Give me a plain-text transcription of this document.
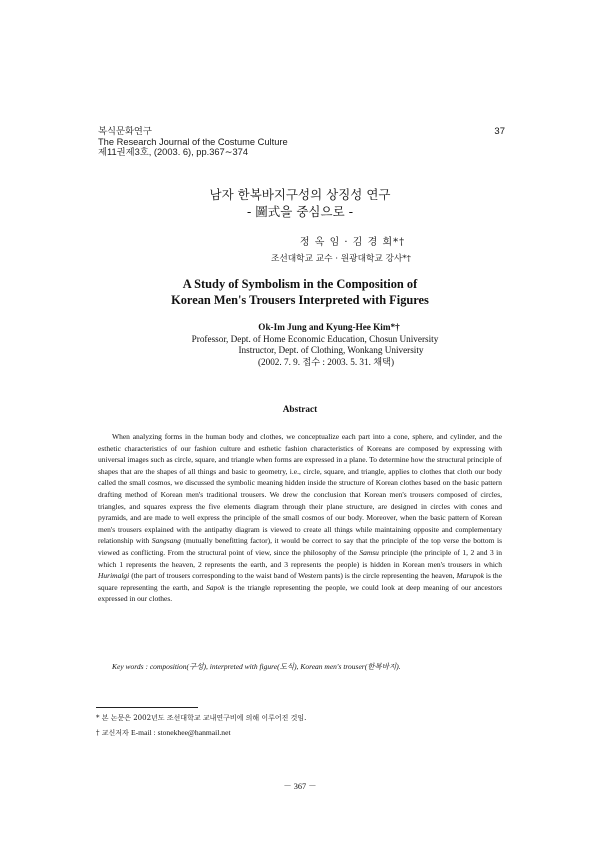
복식문화연구
The Research Journal of the Costume Culture
제11권제3호, (2003. 6), pp.367∼374
37
남자 한복바지구성의 상징성 연구
- 圖式을 중심으로 -
정 옥 임 · 김 경 희*†
조선대학교 교수 · 원광대학교 강사*†
A Study of Symbolism in the Composition of
Korean Men's Trousers Interpreted with Figures
Ok-Im Jung and Kyung-Hee Kim*†
Professor, Dept. of Home Economic Education, Chosun University
Instructor, Dept. of Clothing, Wonkang University
(2002. 7. 9. 접수 : 2003. 5. 31. 채택)
Abstract

When analyzing forms in the human body and clothes, we conceptualize each part into a cone, sphere, and cylinder, and the esthetic characteristics of our fashion culture and esthetic fashion characteristics of Koreans are composed by expressing with universal images such as circle, square, and triangle when forms are expressed in a plane. To determine how the structural principle of shapes that are the shapes of all things and basic to geometry, i.e., circle, square, and triangle, applies to clothes that cloth our body called the small cosmos, we discussed the symbolic meaning hidden inside the structure of Korean clothes based on the basic pattern drafting method of Korean men's traditional trousers. We drew the conclusion that Korean men's trousers composed of circles, triangles, and squares express the five elements diagram through their plane structure, are designed in circles with cones and pyramids, and are made to well express the principle of the small cosmos of our body. Moreover, when the basic pattern of Korean men's trousers explained with the antipathy diagram is viewed to create all things while maintaining opposite and complementary relationship with Sangsang (mutually benefitting factor), it would be correct to say that the principle of the top verse the bottom is viewed as conflicting. From the structural point of view, since the philosophy of the Samsu principle (the principle of 1, 2 and 3 in which 1 represents the heaven, 2 represents the earth, and 3 represents the people) is hidden in Korean men's trousers in which Hurimalgi (the part of trousers corresponding to the waist band of Western pants) is the circle representing the heaven, Marupok is the square representing the earth, and Sapok is the triangle representing the people, we could look at deep meaning of our ancestors expressed in our clothes.

Key words : composition(구성), interpreted with figure(도식), Korean men's trouser(한복바지).

* 본 논문은 2002년도 조선대학교 교내연구비에 의해 이루어진 것임.
† 교신저자 E-mail : stonekhee@hanmail.net
－ 367 －
